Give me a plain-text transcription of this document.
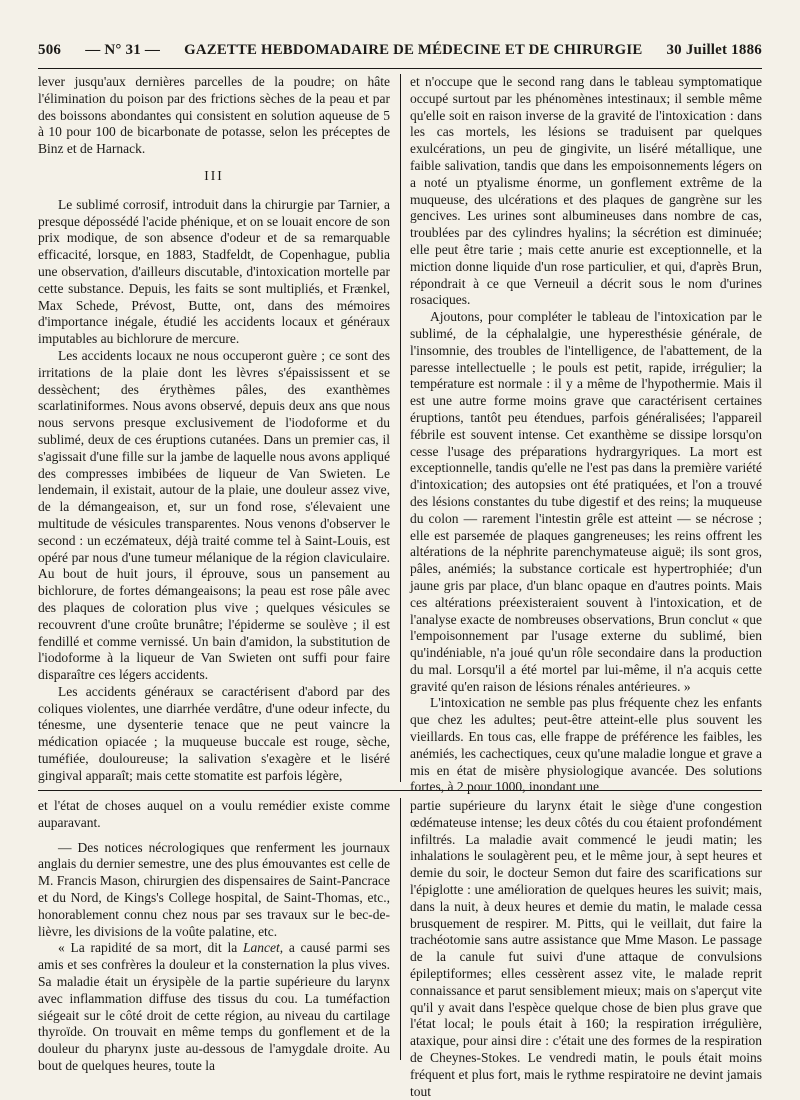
506 — N° 31 — GAZETTE HEBDOMADAIRE DE MÉDECINE ET DE CHIRURGIE 30 Juillet 1886

lever jusqu'aux dernières parcelles de la poudre; on hâte l'élimination du poison par des frictions sèches de la peau et par des boissons abondantes qui consistent en solution aqueuse de 5 à 10 pour 100 de bicarbonate de potasse, selon les préceptes de Binz et de Harnack.

III

Le sublimé corrosif, introduit dans la chirurgie par Tarnier, a presque dépossédé l'acide phénique, et on se louait encore de son prix modique, de son absence d'odeur et de sa remarquable efficacité, lorsque, en 1883, Stadfeldt, de Copenhague, publia une observation, d'ailleurs discutable, d'intoxication mortelle par cette substance. Depuis, les faits se sont multipliés, et Frænkel, Max Schede, Prévost, Butte, ont, dans des mémoires d'importance inégale, étudié les accidents locaux et généraux imputables au bichlorure de mercure.

Les accidents locaux ne nous occuperont guère ; ce sont des irritations de la plaie dont les lèvres s'épaississent et se dessèchent; des érythèmes pâles, des exanthèmes scarlatiniformes. Nous avons observé, depuis deux ans que nous nous servons presque exclusivement de l'iodoforme et du sublimé, deux de ces éruptions cutanées. Dans un premier cas, il s'agissait d'une fille sur la jambe de laquelle nous avons appliqué des compresses imbibées de liqueur de Van Swieten. Le lendemain, il existait, autour de la plaie, une douleur assez vive, de la démangeaison, et, sur un fond rose, s'élevaient une multitude de vésicules transparentes. Nous venons d'observer le second : un eczémateux, déjà traité comme tel à Saint-Louis, est opéré par nous d'une tumeur mélanique de la région claviculaire. Au bout de huit jours, il éprouve, sous un pansement au bichlorure, de fortes démangeaisons; la peau est rose pâle avec des plaques de coloration plus vive ; quelques vésicules se recouvrent d'une croûte brunâtre; l'épiderme se soulève ; il est fendillé et comme vernissé. Un bain d'amidon, la substitution de l'iodoforme à la liqueur de Van Swieten ont suffi pour faire disparaître ces légers accidents.

Les accidents généraux se caractérisent d'abord par des coliques violentes, une diarrhée verdâtre, d'une odeur infecte, du ténesme, une dysenterie tenace que ne peut vaincre la médication opiacée ; la muqueuse buccale est rouge, sèche, tuméfiée, douloureuse; la salivation s'exagère et le liséré gingival apparaît; mais cette stomatite est parfois légère,

et n'occupe que le second rang dans le tableau symptomatique occupé surtout par les phénomènes intestinaux; il semble même qu'elle soit en raison inverse de la gravité de l'intoxication : dans les cas mortels, les lésions se traduisent par quelques exulcérations, un peu de gingivite, un liséré métallique, une faible salivation, tandis que dans les empoisonnements légers on a noté un ptyalisme énorme, un gonflement extrême de la muqueuse, des ulcérations et des plaques de gangrène sur les gencives. Les urines sont albumineuses dans nombre de cas, troublées par des cylindres hyalins; la sécrétion est diminuée; elle peut être tarie ; mais cette anurie est exceptionnelle, et la miction donne liquide d'un rose particulier, et qui, d'après Brun, répondrait à ce que Verneuil a décrit sous le nom d'urines rosaciques.

Ajoutons, pour compléter le tableau de l'intoxication par le sublimé, de la céphalalgie, une hyperesthésie générale, de l'insomnie, des troubles de l'intelligence, de l'abattement, de la paresse intellectuelle ; le pouls est petit, rapide, irrégulier; la température est normale : il y a même de l'hypothermie. Mais il est une autre forme moins grave que caractérisent certaines éruptions, tantôt peu étendues, parfois généralisées; l'appareil fébrile est souvent intense. Cet exanthème se dissipe lorsqu'on cesse l'usage des préparations hydrargyriques. La mort est exceptionnelle, tandis qu'elle ne l'est pas dans la première variété d'intoxication; des autopsies ont été pratiquées, et l'on a trouvé des lésions constantes du tube digestif et des reins; la muqueuse du colon — rarement l'intestin grêle est atteint — se nécrose ; elle est parsemée de plaques gangreneuses; les reins offrent les altérations de la néphrite parenchymateuse aiguë; ils sont gros, pâles, anémiés; la substance corticale est hypertrophiée; d'un jaune gris par place, d'un blanc opaque en d'autres points. Mais ces altérations préexisteraient souvent à l'intoxication, et de l'analyse exacte de nombreuses observations, Brun conclut « que l'empoisonnement par l'usage externe du sublimé, bien qu'indéniable, n'a joué qu'un rôle secondaire dans la production du mal. Lorsqu'il a été mortel par lui-même, il n'a acquis cette gravité qu'en raison de lésions rénales antérieures. »

L'intoxication ne semble pas plus fréquente chez les enfants que chez les adultes; peut-être atteint-elle plus souvent les vieillards. En tous cas, elle frappe de préférence les faibles, les anémiés, les cachectiques, ceux qu'une maladie longue et grave a mis en état de misère physiologique avancée. Des solutions fortes, à 2 pour 1000, inondant une

et l'état de choses auquel on a voulu remédier existe comme auparavant.

— Des notices nécrologiques que renferment les journaux anglais du dernier semestre, une des plus émouvantes est celle de M. Francis Mason, chirurgien des dispensaires de Saint-Pancrace et du Nord, de Kings's College hospital, de Saint-Thomas, etc., honorablement connu chez nous par ses travaux sur le bec-de-lièvre, les divisions de la voûte palatine, etc.

« La rapidité de sa mort, dit la Lancet, a causé parmi ses amis et ses confrères la douleur et la consternation la plus vives. Sa maladie était un érysipèle de la partie supérieure du larynx avec inflammation diffuse des tissus du cou. La tuméfaction siégeait sur le côté droit de cette région, au niveau du cartilage thyroïde. On trouvait en même temps du gonflement et de la douleur du pharynx juste au-dessous de l'amygdale droite. Au bout de quelques heures, toute la

partie supérieure du larynx était le siège d'une congestion œdémateuse intense; les deux côtés du cou étaient profondément infiltrés. La maladie avait commencé le jeudi matin; les inhalations le soulagèrent peu, et le même jour, à sept heures et demie du soir, le docteur Semon dut faire des scarifications sur l'épiglotte : une amélioration de quelques heures les suivit; mais, dans la nuit, à deux heures et demie du matin, le malade cessa brusquement de respirer. M. Pitts, qui le veillait, dut faire la trachéotomie sans autre assistance que Mme Mason. Le passage de la canule fut suivi d'une attaque de convulsions épileptiformes; elles cessèrent assez vite, le malade reprit connaissance et parut sensiblement mieux; mais on s'aperçut vite qu'il y avait dans l'espèce quelque chose de bien plus grave que l'état local; le pouls était à 160; la respiration irrégulière, ataxique, pour ainsi dire : c'était une des formes de la respiration de Cheynes-Stokes. Le vendredi matin, le pouls était moins fréquent et plus fort, mais le rythme respiratoire ne devint jamais tout
